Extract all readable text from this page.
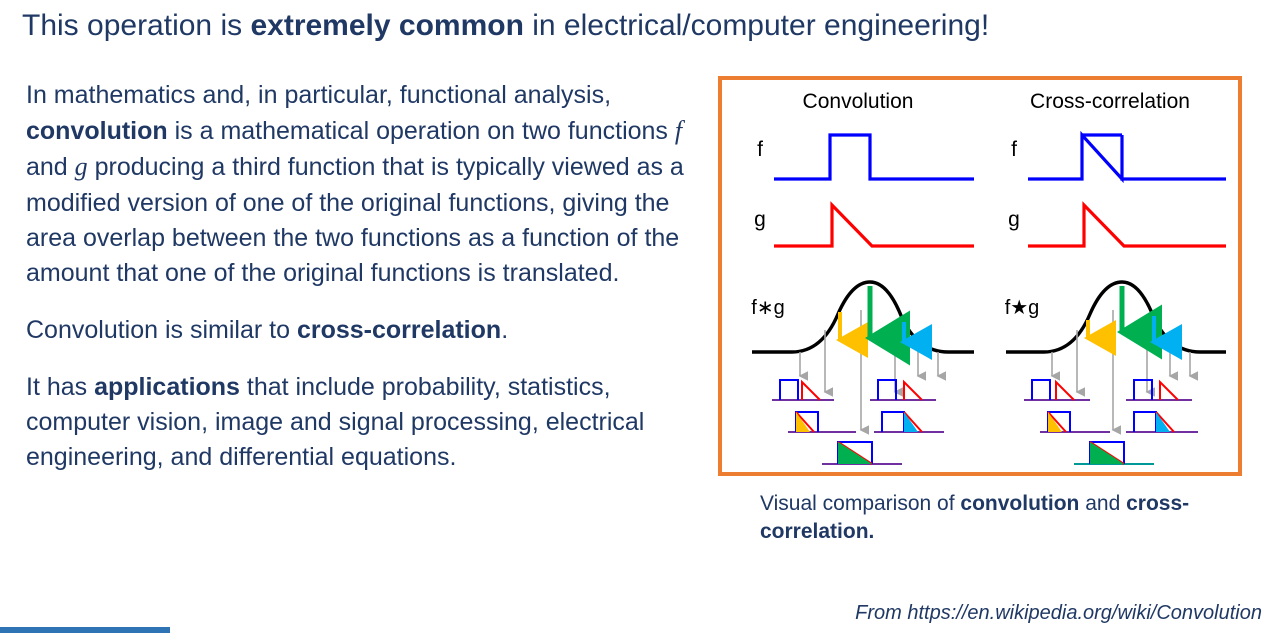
This operation is extremely common in electrical/computer engineering!

In mathematics and, in particular, functional analysis, convolution is a mathematical operation on two functions f and g producing a third function that is typically viewed as a modified version of one of the original functions, giving the area overlap between the two functions as a function of the amount that one of the original functions is translated.

Convolution is similar to cross-correlation.

It has applications that include probability, statistics, computer vision, image and signal processing, electrical engineering, and differential equations.

Convolution	Cross-correlation
f
g
f∗g
f
g
f★g
Visual comparison of convolution and cross-correlation.
From https://en.wikipedia.org/wiki/Convolution
